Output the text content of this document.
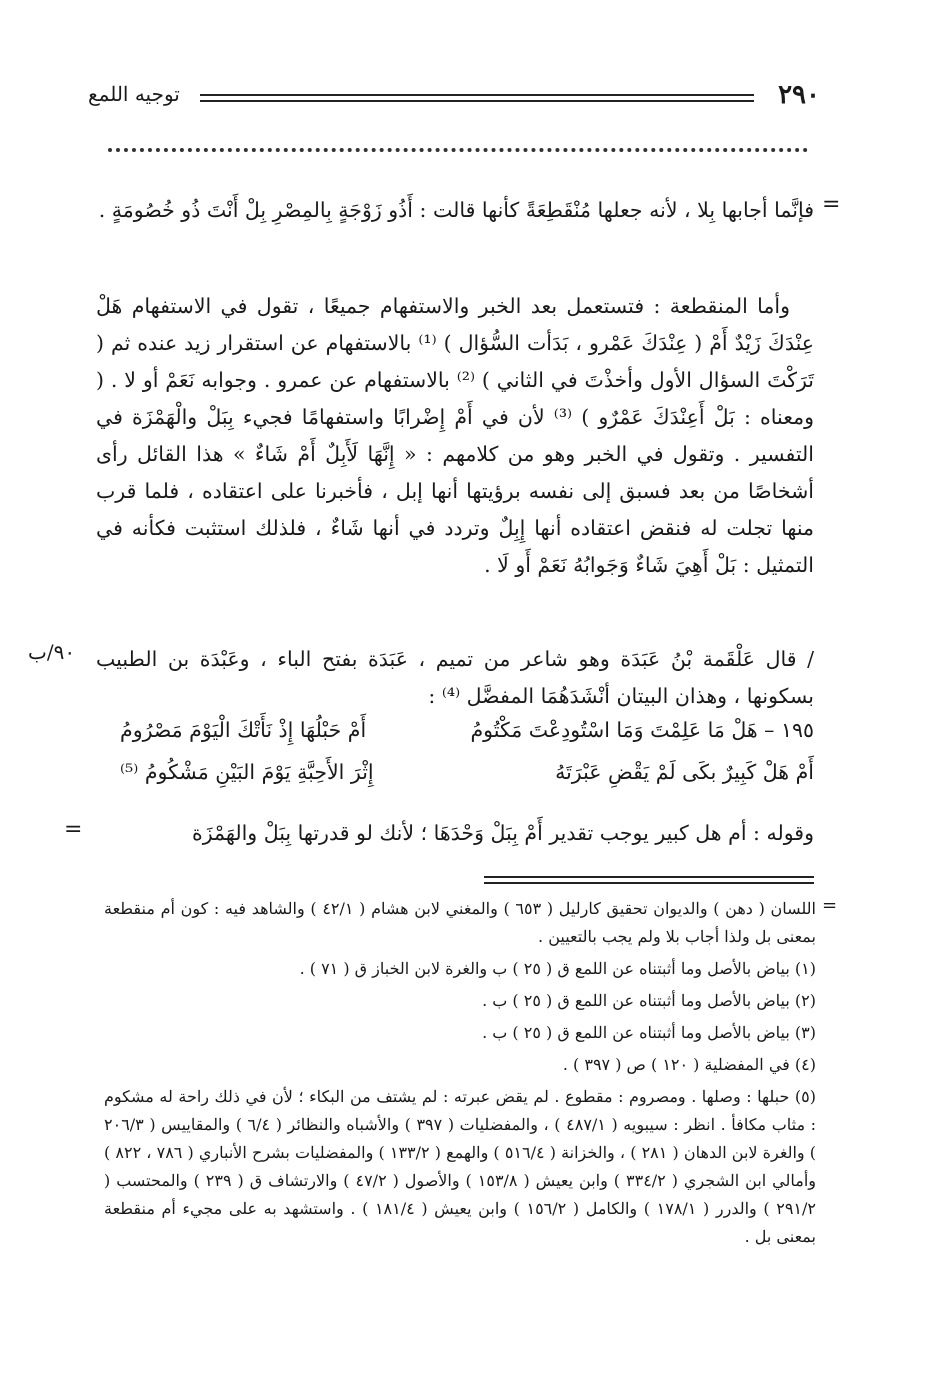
٢٩٠
توجيه اللمع
=

فإنَّما أجابها بِلا ، لأنه جعلها مُنْقَطِعَةً كأنها قالت : أَذُو زَوْجَةٍ بِالمِصْرِ بِلْ أَنْتَ ذُو خُصُومَةٍ .

وأما المنقطعة : فتستعمل بعد الخبر والاستفهام جميعًا ، تقول في الاستفهام هَلْ عِنْدَكَ زَيْدٌ أَمْ ( عِنْدَكَ عَمْرو ، بَدَأت السُّؤال ) ⁽¹⁾ بالاستفهام عن استقرار زيد عنده ثم ( تَرَكْتَ السؤال الأول وأخذْتَ في الثاني ) ⁽²⁾ بالاستفهام عن عمرو . وجوابه نَعَمْ أو لا . ( ومعناه : بَلْ أَعِنْدَكَ عَمْرٌو ) ⁽³⁾ لأن في أَمْ إِضْرابًا واستفهامًا فجيء بِبَلْ والْهَمْزَة في التفسير . وتقول في الخبر وهو من كلامهم : « إِنَّهَا لَأَبِلٌ أَمْ شَاءٌ » هذا القائل رأى أشخاصًا من بعد فسبق إلى نفسه برؤيتها أنها إبل ، فأخبرنا على اعتقاده ، فلما قرب منها تجلت له فنقض اعتقاده أنها إِبِلٌ وتردد في أنها شَاءٌ ، فلذلك استثبت فكأنه في التمثيل : بَلْ أَهِيَ شَاءٌ وَجَوابُهُ نَعَمْ أَو لَا .

/ قال عَلْقَمة بْنُ عَبَدَة وهو شاعر من تميم ، عَبَدَة بفتح الباء ، وعَبْدَة بن الطبيب بسكونها ، وهذان البيتان أنْشَدَهُمَا المفضَّل ⁽⁴⁾ :

٩٠/ب
١٩٥ – هَلْ مَا عَلِمْتَ وَمَا اسْتُودِعْتَ مَكْتُومُ
أَمْ حَبْلُهَا إِذْ نَأَتْكَ الْيَوْمَ مَصْرُومُ
أَمْ هَلْ كَبِيرٌ بكَى لَمْ يَقْضِ عَبْرَتَهُ
إِثْرَ الأَحِبَّةِ يَوْمَ البَيْنِ مَشْكُومُ ⁽⁵⁾

وقوله : أم هل كبير يوجب تقدير أَمْ بِبَلْ وَحْدَهَا ؛ لأنك لو قدرتها بِبَلْ والهَمْزَة

=
=

اللسان ( دهن ) والديوان تحقيق كارليل ( ٦٥٣ ) والمغني لابن هشام ( ٤٢/١ ) والشاهد فيه : كون أم منقطعة بمعنى بل ولذا أجاب بلا ولم يجب بالتعيين .

(١) بياض بالأصل وما أثبتناه عن اللمع ق ( ٢٥ ) ب والغرة لابن الخباز ق ( ٧١ ) .

(٢) بياض بالأصل وما أثبتناه عن اللمع ق ( ٢٥ ) ب .

(٣) بياض بالأصل وما أثبتناه عن اللمع ق ( ٢٥ ) ب .

(٤) في المفضلية ( ١٢٠ ) ص ( ٣٩٧ ) .

(٥) حبلها : وصلها . ومصروم : مقطوع . لم يقض عبرته : لم يشتف من البكاء ؛ لأن في ذلك راحة له مشكوم : مثاب مكافأ . انظر : سيبويه ( ٤٨٧/١ ) ، والمفضليات ( ٣٩٧ ) والأشباه والنظائر ( ٦/٤ ) والمقاييس ( ٢٠٦/٣ ) والغرة لابن الدهان ( ٢٨١ ) ، والخزانة ( ٥١٦/٤ ) والهمع ( ١٣٣/٢ ) والمفضليات بشرح الأنباري ( ٧٨٦ ، ٨٢٢ ) وأمالي ابن الشجري ( ٣٣٤/٢ ) وابن يعيش ( ١٥٣/٨ ) والأصول ( ٤٧/٢ ) والارتشاف ق ( ٢٣٩ ) والمحتسب ( ٢٩١/٢ ) والدرر ( ١٧٨/١ ) والكامل ( ١٥٦/٢ ) وابن يعيش ( ١٨١/٤ ) . واستشهد به على مجيء أم منقطعة بمعنى بل .
